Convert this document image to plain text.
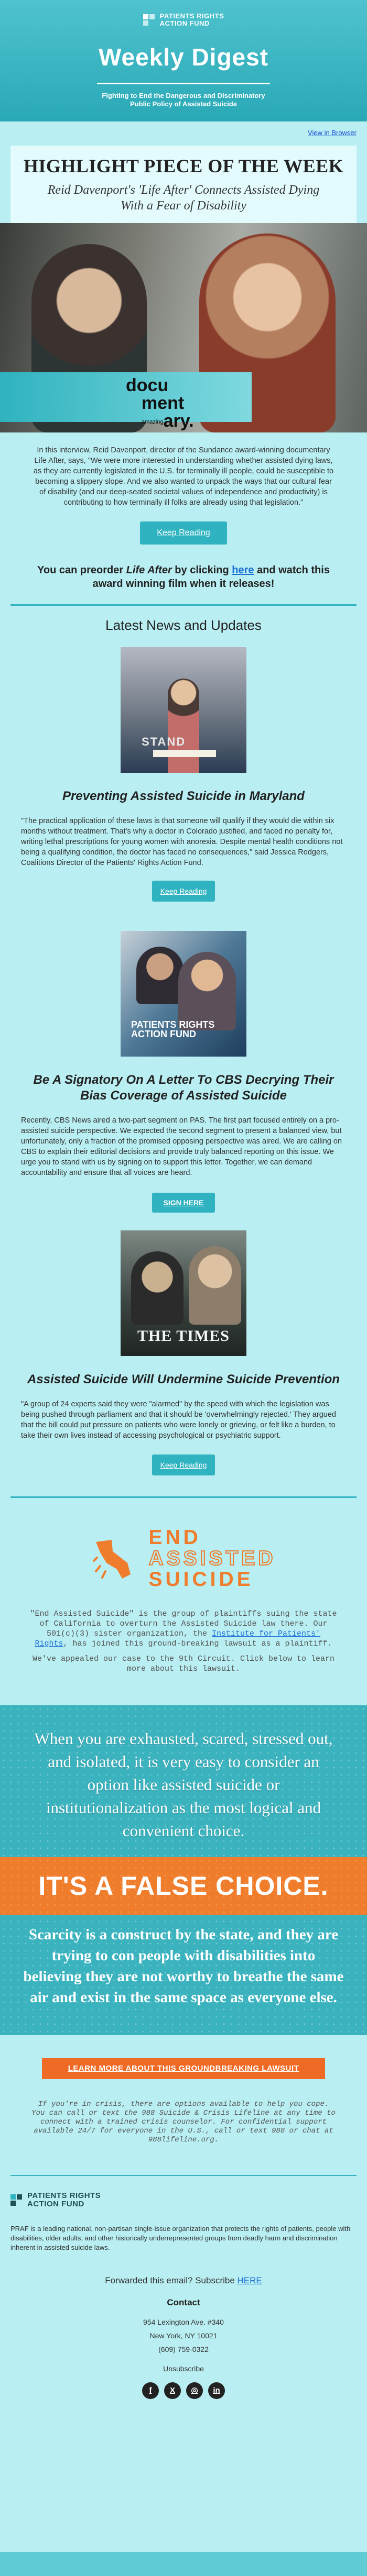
PATIENTS RIGHTS
ACTION FUND
Weekly Digest
Fighting to End the Dangerous and Discriminatory
Public Policy of Assisted Suicide
View in Browser
HIGHLIGHT PIECE OF THE WEEK
Reid Davenport's 'Life After' Connects Assisted Dying With a Fear of Disability
docu
ment
amazingary.
In this interview, Reid Davenport, director of the Sundance award-winning documentary Life After, says, "We were more interested in understanding whether assisted dying laws, as they are currently legislated in the U.S. for terminally ill people, could be susceptible to becoming a slippery slope. And we also wanted to unpack the ways that our cultural fear of disability (and our deep-seated societal values of independence and productivity) is contributing to how terminally ill folks are already using that legislation."
Keep Reading
You can preorder Life After by clicking here and watch this award winning film when it releases!
Latest News and Updates
STAND
Preventing Assisted Suicide in Maryland
"The practical application of these laws is that someone will qualify if they would die within six months without treatment. That's why a doctor in Colorado justified, and faced no penalty for, writing lethal prescriptions for young women with anorexia. Despite mental health conditions not being a qualifying condition, the doctor has faced no consequences," said Jessica Rodgers, Coalitions Director of the Patients' Rights Action Fund.
Keep Reading
PATIENTS RIGHTS
ACTION FUND
Be A Signatory On A Letter To CBS Decrying Their Bias Coverage of Assisted Suicide
Recently, CBS News aired a two-part segment on PAS. The first part focused entirely on a pro-assisted suicide perspective. We expected the second segment to present a balanced view, but unfortunately, only a fraction of the promised opposing perspective was aired. We are calling on CBS to explain their editorial decisions and provide truly balanced reporting on this issue. We urge you to stand with us by signing on to support this letter. Together, we can demand accountability and ensure that all voices are heard.
SIGN HERE
THE TIMES
Assisted Suicide Will Undermine Suicide Prevention
"A group of 24 experts said they were "alarmed" by the speed with which the legislation was being pushed through parliament and that it should be 'overwhelmingly rejected.' They argued that the bill could put pressure on patients who were lonely or grieving, or felt like a burden, to take their own lives instead of accessing psychological or psychiatric support.
Keep Reading
END
ASSISTED
SUICIDE
"End Assisted Suicide" is the group of plaintiffs suing the state of California to overturn the Assisted Suicide law there. Our 501(c)(3) sister organization, the Institute for Patients' Rights, has joined this ground-breaking lawsuit as a plaintiff.
We've appealed our case to the 9th Circuit. Click below to learn more about this lawsuit.
When you are exhausted, scared, stressed out, and isolated, it is very easy to consider an option like assisted suicide or institutionalization as the most logical and convenient choice.
IT'S A FALSE CHOICE.
Scarcity is a construct by the state, and they are trying to con people with disabilities into believing they are not worthy to breathe the same air and exist in the same space as everyone else.
LEARN MORE ABOUT THIS GROUNDBREAKING LAWSUIT
If you're in crisis, there are options available to help you cope. You can call or text the 988 Suicide & Crisis Lifeline at any time to connect with a trained crisis counselor. For confidential support available 24/7 for everyone in the U.S., call or text 988 or chat at 988lifeline.org.
PATIENTS RIGHTS
ACTION FUND
PRAF is a leading national, non-partisan single-issue organization that protects the rights of patients, people with disabilities, older adults, and other historically underrepresented groups from deadly harm and discrimination inherent in assisted suicide laws.
Forwarded this email? Subscribe HERE
Contact
954 Lexington Ave. #340
New York, NY 10021
(609) 759-0322
Unsubscribe
f	X	◎	in
